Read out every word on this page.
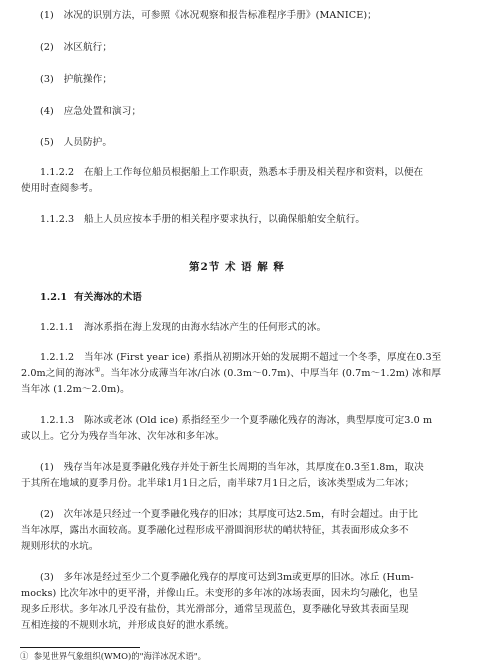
(1)　冰况的识别方法，可参照《冰况观察和报告标准程序手册》(MANICE)；
(2)　冰区航行；
(3)　护航操作；
(4)　应急处置和演习；
(5)　人员防护。
1.1.2.2　在船上工作每位船员根据船上工作职责，熟悉本手册及相关程序和资料，以便在
使用时查阅参考。
1.1.2.3　船上人员应按本手册的相关程序要求执行，以确保船舶安全航行。
第2节 术 语 解 释
1.2.1 有关海冰的术语
1.2.1.1　海冰系指在海上发现的由海水结冰产生的任何形式的冰。
1.2.1.2　当年冰 (First year ice) 系指从初期冰开始的发展期不超过一个冬季，厚度在0.3至
2.0m之间的海冰①。当年冰分成薄当年冰/白冰 (0.3m～0.7m)、中厚当年 (0.7m～1.2m) 冰和厚
当年冰 (1.2m～2.0m)。
1.2.1.3　陈冰或老冰 (Old ice) 系指经至少一个夏季融化残存的海冰，典型厚度可定3.0 m
或以上。它分为残存当年冰、次年冰和多年冰。
(1)　残存当年冰是夏季融化残存并处于新生长周期的当年冰，其厚度在0.3至1.8m，取决
于其所在地域的夏季月份。北半球1月1日之后，南半球7月1日之后，该冰类型成为二年冰；
(2)　次年冰是只经过一个夏季融化残存的旧冰；其厚度可达2.5m，有时会超过。由于比
当年冰厚，露出水面较高。夏季融化过程形成平滑圆润形状的峭状特征，其表面形成众多不
规则形状的水坑。
(3)　多年冰是经过至少二个夏季融化残存的厚度可达到3m或更厚的旧冰。冰丘 (Hum-
mocks) 比次年冰中的更平滑，并像山丘。未变形的多年冰的冰场表面，因未均匀融化，也呈
现多丘形状。多年冰几乎没有盐份，其光滑部分，通常呈现蓝色，夏季融化导致其表面呈现
互相连接的不规则水坑，并形成良好的泄水系统。
① 参见世界气象组织(WMO)的"海洋冰况术语"。
